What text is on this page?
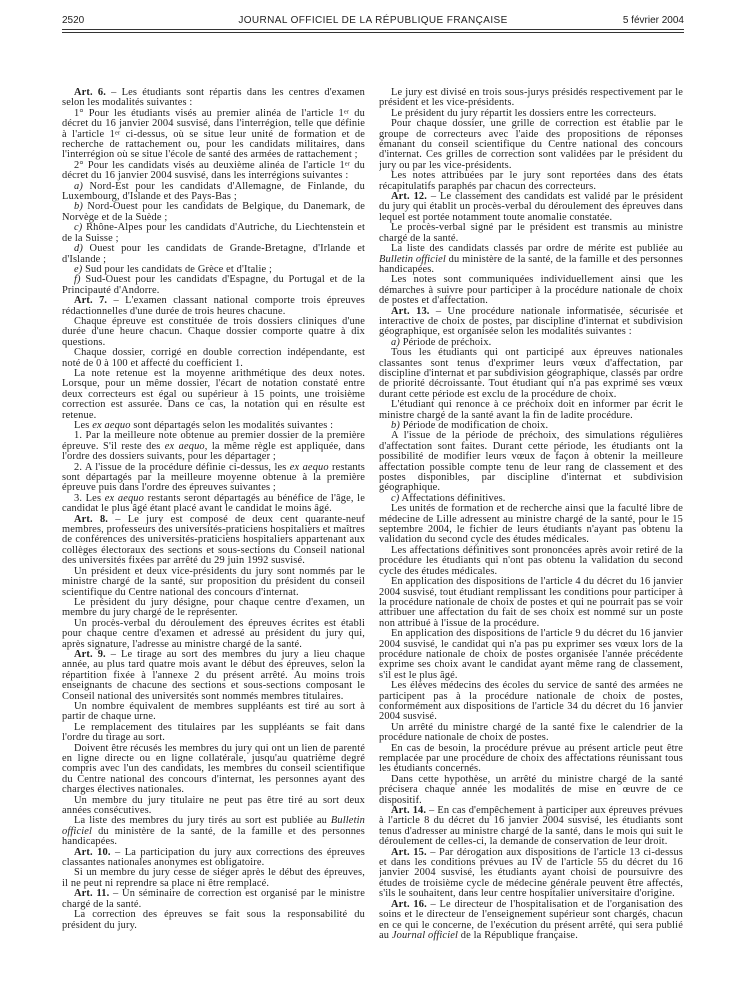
2520	JOURNAL OFFICIEL DE LA RÉPUBLIQUE FRANÇAISE	5 février 2004

Art. 6. – Les étudiants sont répartis dans les centres d'examen selon les modalités suivantes :

1° Pour les étudiants visés au premier alinéa de l'article 1er du décret du 16 janvier 2004 susvisé, dans l'interrégion, telle que définie à l'article 1er ci-dessus, où se situe leur unité de formation et de recherche de rattachement ou, pour les candidats militaires, dans l'interrégion où se situe l'école de santé des armées de rattachement ;

2° Pour les candidats visés au deuxième alinéa de l'article 1er du décret du 16 janvier 2004 susvisé, dans les interrégions suivantes :

a) Nord-Est pour les candidats d'Allemagne, de Finlande, du Luxembourg, d'Islande et des Pays-Bas ;

b) Nord-Ouest pour les candidats de Belgique, du Danemark, de Norvège et de la Suède ;

c) Rhône-Alpes pour les candidats d'Autriche, du Liechtenstein et de la Suisse ;

d) Ouest pour les candidats de Grande-Bretagne, d'Irlande et d'Islande ;

e) Sud pour les candidats de Grèce et d'Italie ;

f) Sud-Ouest pour les candidats d'Espagne, du Portugal et de la Principauté d'Andorre.

Art. 7. – L'examen classant national comporte trois épreuves rédactionnelles d'une durée de trois heures chacune.

Chaque épreuve est constituée de trois dossiers cliniques d'une durée d'une heure chacun. Chaque dossier comporte quatre à dix questions.

Chaque dossier, corrigé en double correction indépendante, est noté de 0 à 100 et affecté du coefficient 1.

La note retenue est la moyenne arithmétique des deux notes. Lorsque, pour un même dossier, l'écart de notation constaté entre deux correcteurs est égal ou supérieur à 15 points, une troisième correction est assurée. Dans ce cas, la notation qui en résulte est retenue.

Les ex aequo sont départagés selon les modalités suivantes :

1. Par la meilleure note obtenue au premier dossier de la première épreuve. S'il reste des ex aequo, la même règle est appliquée, dans l'ordre des dossiers suivants, pour les départager ;

2. A l'issue de la procédure définie ci-dessus, les ex aequo restants sont départagés par la meilleure moyenne obtenue à la première épreuve puis dans l'ordre des épreuves suivantes ;

3. Les ex aequo restants seront départagés au bénéfice de l'âge, le candidat le plus âgé étant placé avant le candidat le moins âgé.

Art. 8. – Le jury est composé de deux cent quarante-neuf membres, professeurs des universités-praticiens hospitaliers et maîtres de conférences des universités-praticiens hospitaliers appartenant aux collèges électoraux des sections et sous-sections du Conseil national des universités fixées par arrêté du 29 juin 1992 susvisé.

Un président et deux vice-présidents du jury sont nommés par le ministre chargé de la santé, sur proposition du président du conseil scientifique du Centre national des concours d'internat.

Le président du jury désigne, pour chaque centre d'examen, un membre du jury chargé de le représenter.

Un procès-verbal du déroulement des épreuves écrites est établi pour chaque centre d'examen et adressé au président du jury qui, après signature, l'adresse au ministre chargé de la santé.

Art. 9. – Le tirage au sort des membres du jury a lieu chaque année, au plus tard quatre mois avant le début des épreuves, selon la répartition fixée à l'annexe 2 du présent arrêté. Au moins trois enseignants de chacune des sections et sous-sections composant le Conseil national des universités sont nommés membres titulaires.

Un nombre équivalent de membres suppléants est tiré au sort à partir de chaque urne.

Le remplacement des titulaires par les suppléants se fait dans l'ordre du tirage au sort.

Doivent être récusés les membres du jury qui ont un lien de parenté en ligne directe ou en ligne collatérale, jusqu'au quatrième degré compris avec l'un des candidats, les membres du conseil scientifique du Centre national des concours d'internat, les personnes ayant des charges électives nationales.

Un membre du jury titulaire ne peut pas être tiré au sort deux années consécutives.

La liste des membres du jury tirés au sort est publiée au Bulletin officiel du ministère de la santé, de la famille et des personnes handicapées.

Art. 10. – La participation du jury aux corrections des épreuves classantes nationales anonymes est obligatoire.

Si un membre du jury cesse de siéger après le début des épreuves, il ne peut ni reprendre sa place ni être remplacé.

Art. 11. – Un séminaire de correction est organisé par le ministre chargé de la santé.

La correction des épreuves se fait sous la responsabilité du président du jury.

Le jury est divisé en trois sous-jurys présidés respectivement par le président et les vice-présidents.

Le président du jury répartit les dossiers entre les correcteurs.

Pour chaque dossier, une grille de correction est établie par le groupe de correcteurs avec l'aide des propositions de réponses émanant du conseil scientifique du Centre national des concours d'internat. Ces grilles de correction sont validées par le président du jury ou par les vice-présidents.

Les notes attribuées par le jury sont reportées dans des états récapitulatifs paraphés par chacun des correcteurs.

Art. 12. – Le classement des candidats est validé par le président du jury qui établit un procès-verbal du déroulement des épreuves dans lequel est portée notamment toute anomalie constatée.

Le procès-verbal signé par le président est transmis au ministre chargé de la santé.

La liste des candidats classés par ordre de mérite est publiée au Bulletin officiel du ministère de la santé, de la famille et des personnes handicapées.

Les notes sont communiquées individuellement ainsi que les démarches à suivre pour participer à la procédure nationale de choix de postes et d'affectation.

Art. 13. – Une procédure nationale informatisée, sécurisée et interactive de choix de postes, par discipline d'internat et subdivision géographique, est organisée selon les modalités suivantes :

a) Période de préchoix.

Tous les étudiants qui ont participé aux épreuves nationales classantes sont tenus d'exprimer leurs vœux d'affectation, par discipline d'internat et par subdivision géographique, classés par ordre de priorité décroissante. Tout étudiant qui n'a pas exprimé ses vœux durant cette période est exclu de la procédure de choix.

L'étudiant qui renonce à ce préchoix doit en informer par écrit le ministre chargé de la santé avant la fin de ladite procédure.

b) Période de modification de choix.

A l'issue de la période de préchoix, des simulations régulières d'affectation sont faites. Durant cette période, les étudiants ont la possibilité de modifier leurs vœux de façon à obtenir la meilleure affectation possible compte tenu de leur rang de classement et des postes disponibles, par discipline d'internat et subdivision géographique.

c) Affectations définitives.

Les unités de formation et de recherche ainsi que la faculté libre de médecine de Lille adressent au ministre chargé de la santé, pour le 15 septembre 2004, le fichier de leurs étudiants n'ayant pas obtenu la validation du second cycle des études médicales.

Les affectations définitives sont prononcées après avoir retiré de la procédure les étudiants qui n'ont pas obtenu la validation du second cycle des études médicales.

En application des dispositions de l'article 4 du décret du 16 janvier 2004 susvisé, tout étudiant remplissant les conditions pour participer à la procédure nationale de choix de postes et qui ne pourrait pas se voir attribuer une affectation du fait de ses choix est nommé sur un poste non attribué à l'issue de la procédure.

En application des dispositions de l'article 9 du décret du 16 janvier 2004 susvisé, le candidat qui n'a pas pu exprimer ses vœux lors de la procédure nationale de choix de postes organisée l'année précédente exprime ses choix avant le candidat ayant même rang de classement, s'il est le plus âgé.

Les élèves médecins des écoles du service de santé des armées ne participent pas à la procédure nationale de choix de postes, conformément aux dispositions de l'article 34 du décret du 16 janvier 2004 susvisé.

Un arrêté du ministre chargé de la santé fixe le calendrier de la procédure nationale de choix de postes.

En cas de besoin, la procédure prévue au présent article peut être remplacée par une procédure de choix des affectations réunissant tous les étudiants concernés.

Dans cette hypothèse, un arrêté du ministre chargé de la santé précisera chaque année les modalités de mise en œuvre de ce dispositif.

Art. 14. – En cas d'empêchement à participer aux épreuves prévues à l'article 8 du décret du 16 janvier 2004 susvisé, les étudiants sont tenus d'adresser au ministre chargé de la santé, dans le mois qui suit le déroulement de celles-ci, la demande de conservation de leur droit.

Art. 15. – Par dérogation aux dispositions de l'article 13 ci-dessus et dans les conditions prévues au IV de l'article 55 du décret du 16 janvier 2004 susvisé, les étudiants ayant choisi de poursuivre des études de troisième cycle de médecine générale peuvent être affectés, s'ils le souhaitent, dans leur centre hospitalier universitaire d'origine.

Art. 16. – Le directeur de l'hospitalisation et de l'organisation des soins et le directeur de l'enseignement supérieur sont chargés, chacun en ce qui le concerne, de l'exécution du présent arrêté, qui sera publié au Journal officiel de la République française.
